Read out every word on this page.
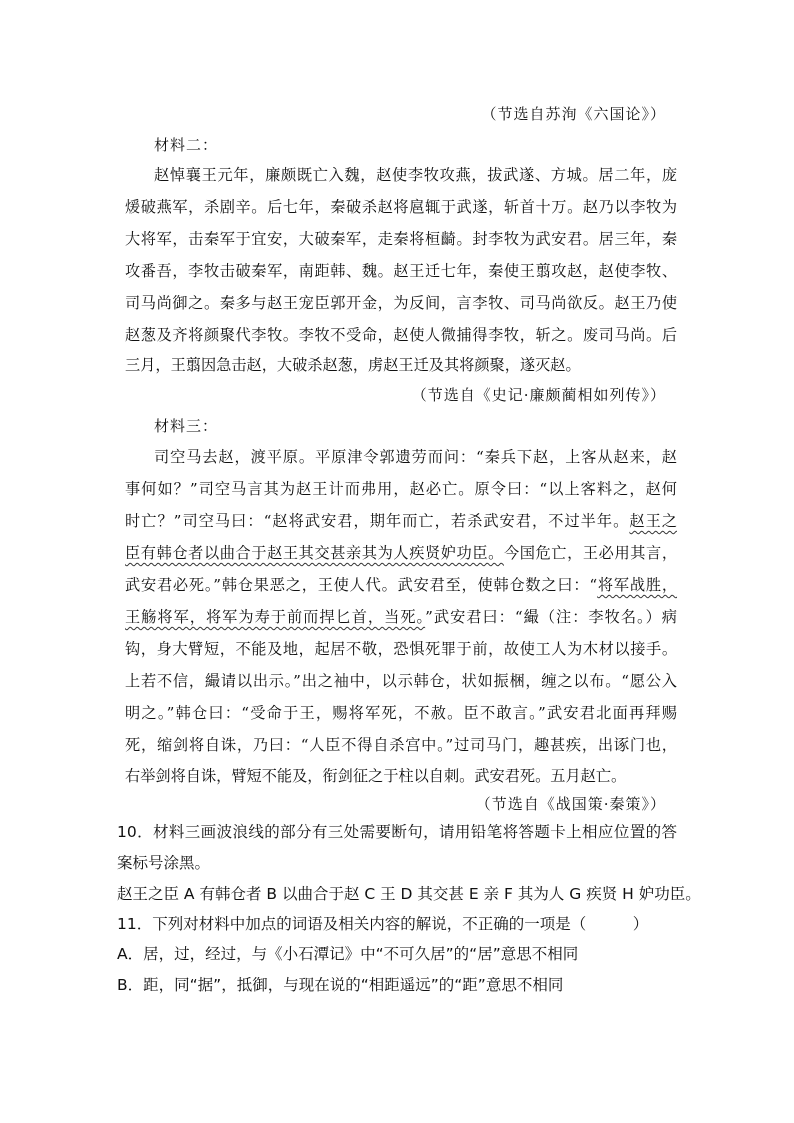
（节选自苏洵《六国论》）
材料二：
赵悼襄王元年，廉颇既亡入魏，赵使李牧攻燕，拔武遂、方城。居二年，庞
煖破燕军，杀剧辛。后七年，秦破杀赵将扈辄于武遂，斩首十万。赵乃以李牧为
大将军，击秦军于宜安，大破秦军，走秦将桓齮。封李牧为武安君。居三年，秦
攻番吾，李牧击破秦军，南距韩、魏。赵王迁七年，秦使王翦攻赵，赵使李牧、
司马尚御之。秦多与赵王宠臣郭开金，为反间，言李牧、司马尚欲反。赵王乃使
赵葱及齐将颜聚代李牧。李牧不受命，赵使人微捕得李牧，斩之。废司马尚。后
三月，王翦因急击赵，大破杀赵葱，虏赵王迁及其将颜聚，遂灭赵。
（节选自《史记·廉颇蔺相如列传》）
材料三：
司空马去赵，渡平原。平原津令郭遗劳而问：“秦兵下赵，上客从赵来，赵
事何如？”司空马言其为赵王计而弗用，赵必亡。原令曰：“以上客料之，赵何
时亡？”司空马曰：“赵将武安君，期年而亡，若杀武安君，不过半年。赵王之
臣有韩仓者以曲合于赵王其交甚亲其为人疾贤妒功臣。今国危亡，王必用其言，
武安君必死。”韩仓果恶之，王使人代。武安君至，使韩仓数之曰：“将军战胜，
王觞将军，将军为寿于前而捍匕首，当死。”武安君曰：“繓（注：李牧名。）病
钩，身大臂短，不能及地，起居不敬，恐惧死罪于前，故使工人为木材以接手。
上若不信，繓请以出示。”出之袖中，以示韩仓，状如振梱，缠之以布。“愿公入
明之。”韩仓曰：“受命于王，赐将军死，不赦。臣不敢言。”武安君北面再拜赐
死，缩剑将自诛，乃曰：“人臣不得自杀宫中。”过司马门，趣甚疾，出诼门也，
右举剑将自诛，臂短不能及，衔剑征之于柱以自刺。武安君死。五月赵亡。
（节选自《战国策·秦策》）
10．材料三画波浪线的部分有三处需要断句，请用铅笔将答题卡上相应位置的答
案标号涂黑。
赵王之臣 A 有韩仓者 B 以曲合于赵 C 王 D 其交甚 E 亲 F 其为人 G 疾贤 H 妒功臣。
11．下列对材料中加点的词语及相关内容的解说，不正确的一项是（　　　）
A．居，过，经过，与《小石潭记》中“不可久居”的“居”意思不相同
B．距，同“据”，抵御，与现在说的“相距遥远”的“距”意思不相同
